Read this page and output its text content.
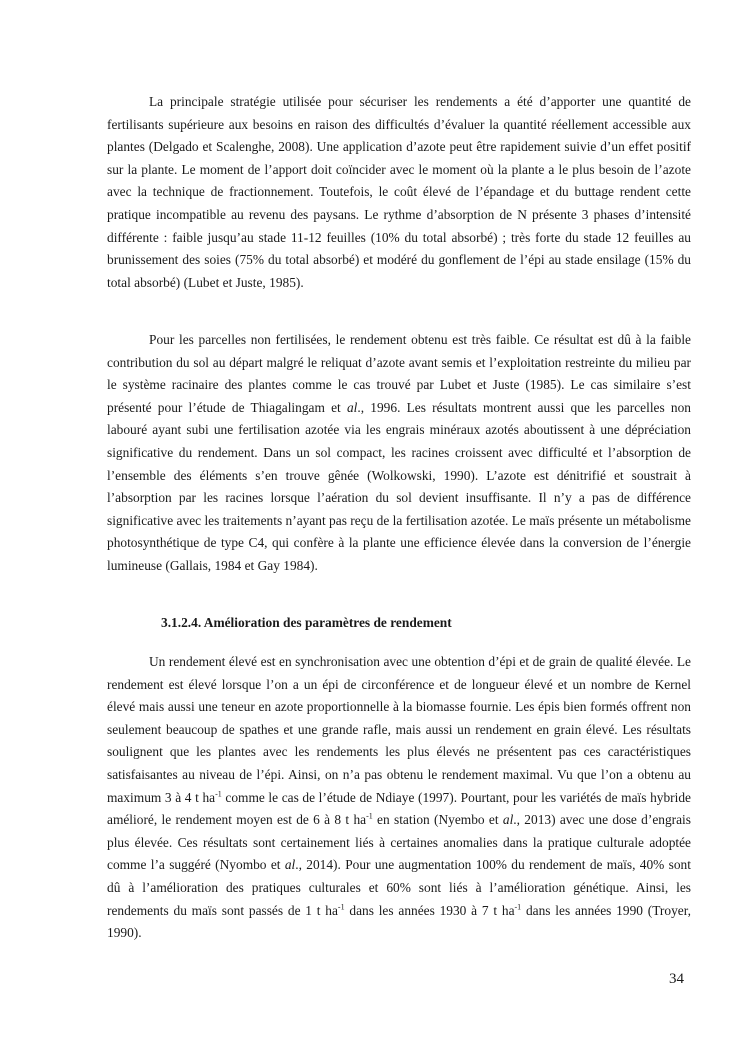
La principale stratégie utilisée pour sécuriser les rendements a été d’apporter une quantité de fertilisants supérieure aux besoins en raison des difficultés d’évaluer la quantité réellement accessible aux plantes (Delgado et Scalenghe, 2008). Une application d’azote peut être rapidement suivie d’un effet positif sur la plante. Le moment de l’apport doit coïncider avec le moment où la plante a le plus besoin de l’azote avec la technique de fractionnement. Toutefois, le coût élevé de l’épandage et du buttage rendent cette pratique incompatible au revenu des paysans. Le rythme d’absorption de N présente 3 phases d’intensité différente : faible jusqu’au stade 11-12 feuilles (10% du total absorbé) ; très forte du stade 12 feuilles au brunissement des soies (75% du total absorbé) et modéré du gonflement de l’épi au stade ensilage (15% du total absorbé) (Lubet et Juste, 1985).

Pour les parcelles non fertilisées, le rendement obtenu est très faible. Ce résultat est dû à la faible contribution du sol au départ malgré le reliquat d’azote avant semis et l’exploitation restreinte du milieu par le système racinaire des plantes comme le cas trouvé par Lubet et Juste (1985). Le cas similaire s’est présenté pour l’étude de Thiagalingam et al., 1996. Les résultats montrent aussi que les parcelles non labouré ayant subi une fertilisation azotée via les engrais minéraux azotés aboutissent à une dépréciation significative du rendement. Dans un sol compact, les racines croissent avec difficulté et l’absorption de l’ensemble des éléments s’en trouve gênée (Wolkowski, 1990). L’azote est dénitrifié et soustrait à l’absorption par les racines lorsque l’aération du sol devient insuffisante. Il n’y a pas de différence significative avec les traitements n’ayant pas reçu de la fertilisation azotée. Le maïs présente un métabolisme photosynthétique de type C4, qui confère à la plante une efficience élevée dans la conversion de l’énergie lumineuse (Gallais, 1984 et Gay 1984).

3.1.2.4. Amélioration des paramètres de rendement

Un rendement élevé est en synchronisation avec une obtention d’épi et de grain de qualité élevée. Le rendement est élevé lorsque l’on a un épi de circonférence et de longueur élevé et un nombre de Kernel élevé mais aussi une teneur en azote proportionnelle à la biomasse fournie. Les épis bien formés offrent non seulement beaucoup de spathes et une grande rafle, mais aussi un rendement en grain élevé. Les résultats soulignent que les plantes avec les rendements les plus élevés ne présentent pas ces caractéristiques satisfaisantes au niveau de l’épi. Ainsi, on n’a pas obtenu le rendement maximal. Vu que l’on a obtenu au maximum 3 à 4 t $ha^{-1}$ comme le cas de l’étude de Ndiaye (1997). Pourtant, pour les variétés de maïs hybride amélioré, le rendement moyen est de 6 à 8 t $ha^{-1}$ en station (Nyembo et al., 2013) avec une dose d’engrais plus élevée. Ces résultats sont certainement liés à certaines anomalies dans la pratique culturale adoptée comme l’a suggéré (Nyombo et al., 2014). Pour une augmentation 100% du rendement de maïs, 40% sont dû à l’amélioration des pratiques culturales et 60% sont liés à l’amélioration génétique. Ainsi, les rendements du maïs sont passés de 1 t $ha^{-1}$ dans les années 1930 à 7 t $ha^{-1}$ dans les années 1990 (Troyer, 1990).

34
